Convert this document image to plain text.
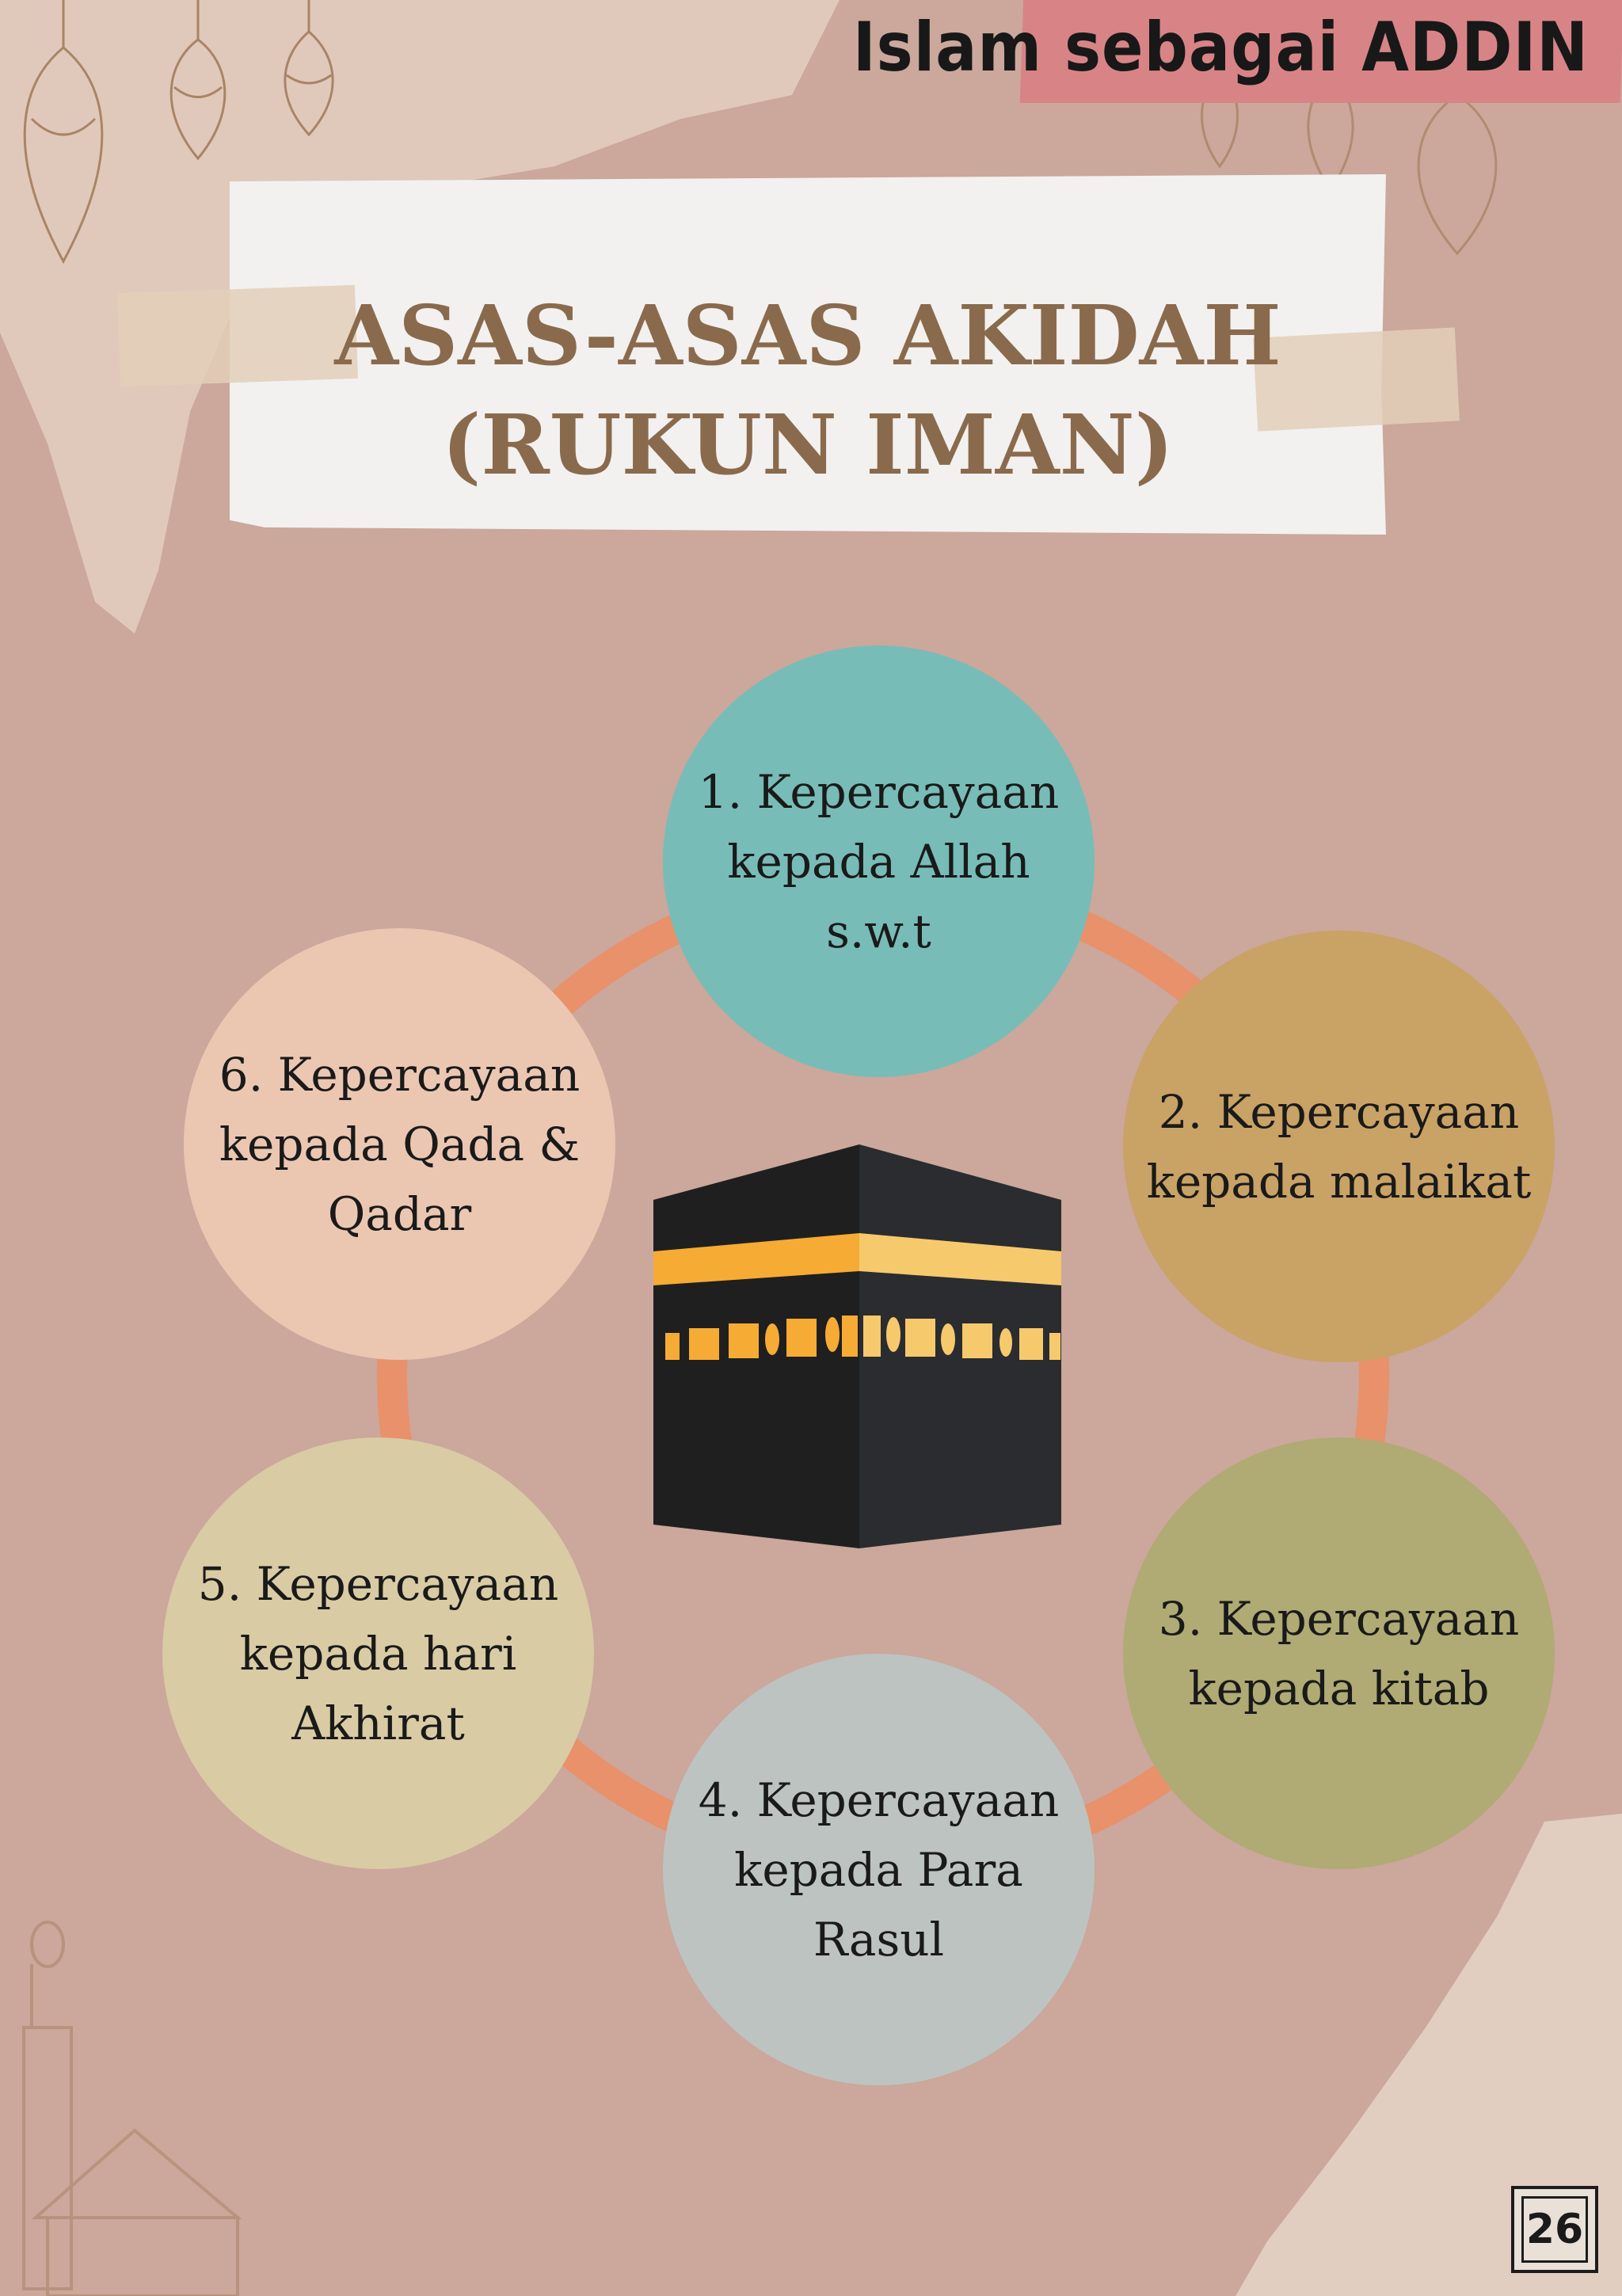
Islam sebagai ADDIN
ASAS-ASAS AKIDAH
(RUKUN IMAN)
1. Kepercayaan
kepada Allah
s.w.t
2. Kepercayaan
kepada malaikat
3. Kepercayaan
kepada kitab
4. Kepercayaan
kepada Para
Rasul
5. Kepercayaan
kepada hari
Akhirat
6. Kepercayaan
kepada Qada &
Qadar
26
